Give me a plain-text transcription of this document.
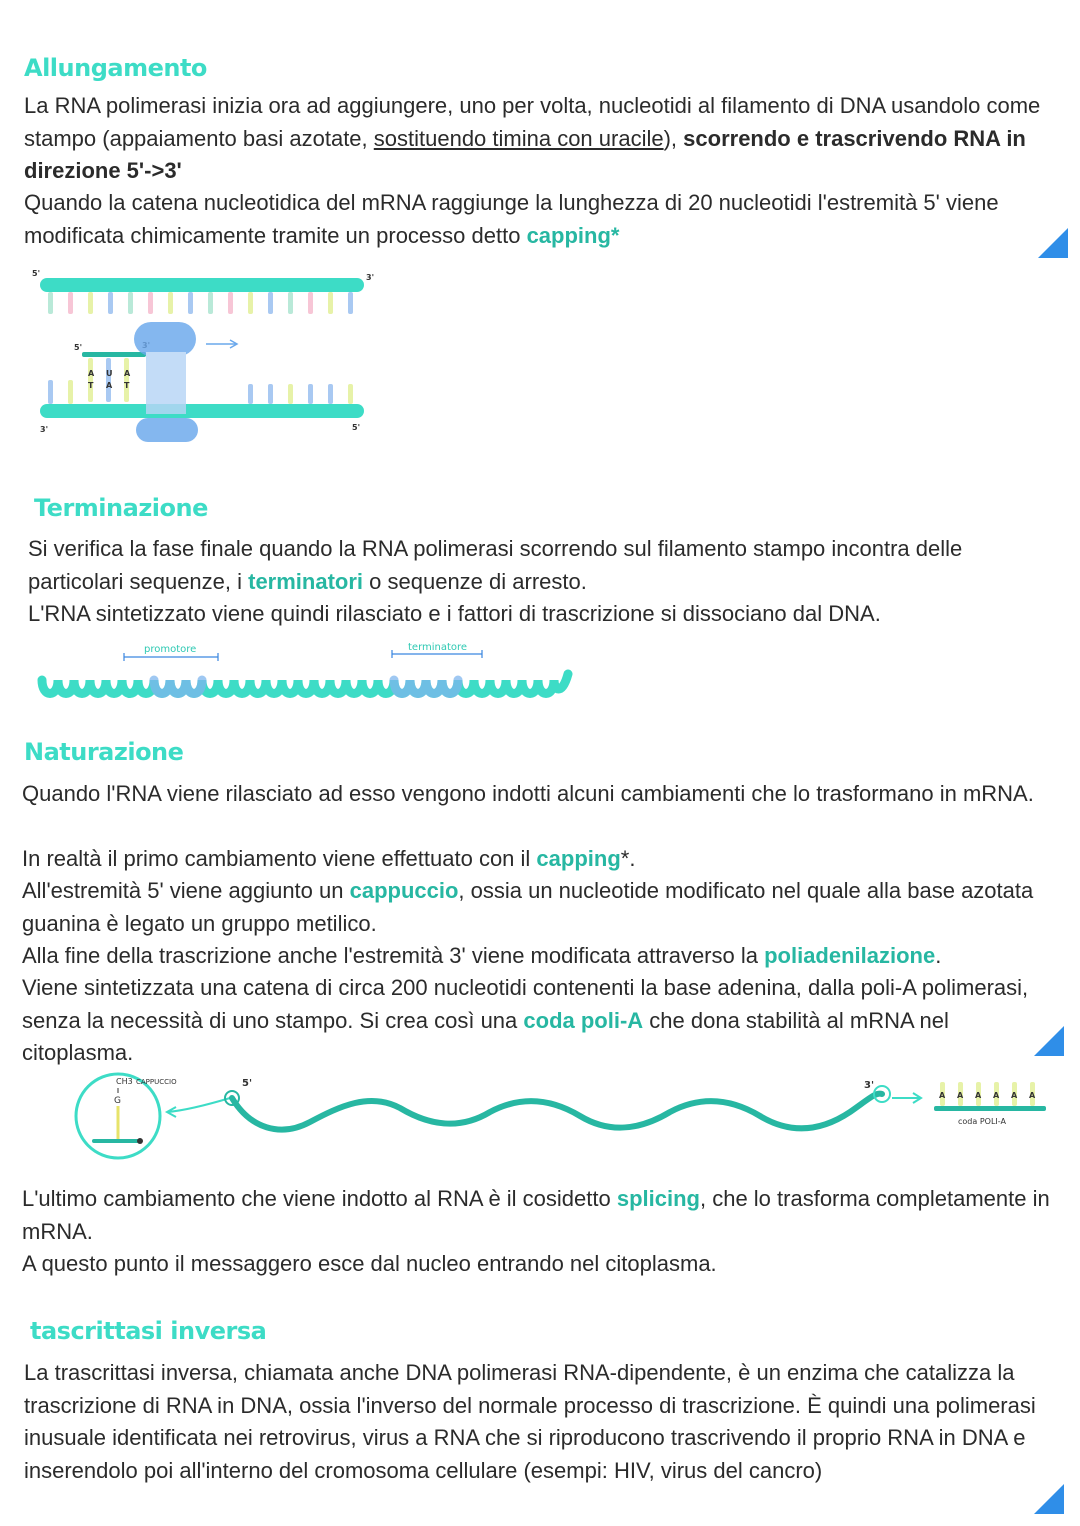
Allungamento

La RNA polimerasi inizia ora ad aggiungere, uno per volta, nucleotidi al filamento di DNA usandolo come stampo (appaiamento basi azotate, sostituendo timina con uracile), scorrendo e trascrivendo RNA in direzione 5'->3'

Quando la catena nucleotidica del mRNA raggiunge la lunghezza di 20 nucleotidi l'estremità 5' viene modificata chimicamente tramite un processo detto capping*

5'	3'
5'
A U A
T A T
3'	5'
Terminazione

Si verifica la fase finale quando la RNA polimerasi scorrendo sul filamento stampo incontra delle particolari sequenze, i terminatori o sequenze di arresto.

L'RNA sintetizzato viene quindi rilasciato e i fattori di trascrizione si dissociano dal DNA.

promotore	terminatore
Naturazione

Quando l'RNA viene rilasciato ad esso vengono indotti alcuni cambiamenti che lo trasformano in mRNA.

In realtà il primo cambiamento viene effettuato con il capping*.

All'estremità 5' viene aggiunto un cappuccio, ossia un nucleotide modificato nel quale alla base azotata guanina è legato un gruppo metilico.

Alla fine della trascrizione anche l'estremità 3' viene modificata attraverso la poliadenilazione.

Viene sintetizzata una catena di circa 200 nucleotidi contenenti la base adenina, dalla poli-A polimerasi, senza la necessità di uno stampo. Si crea così una coda poli-A che dona stabilità al mRNA nel citoplasma.

CH3 CAPPUCCIO
G
5'	3'
A A A A A A
coda POLI-A

L'ultimo cambiamento che viene indotto al RNA è il cosidetto splicing, che lo trasforma completamente in mRNA.

A questo punto il messaggero esce dal nucleo entrando nel citoplasma.

tascrittasi inversa

La trascrittasi inversa, chiamata anche DNA polimerasi RNA-dipendente, è un enzima che catalizza la trascrizione di RNA in DNA, ossia l'inverso del normale processo di trascrizione. È quindi una polimerasi inusuale identificata nei retrovirus, virus a RNA che si riproducono trascrivendo il proprio RNA in DNA e inserendolo poi all'interno del cromosoma cellulare (esempi: HIV, virus del cancro)
